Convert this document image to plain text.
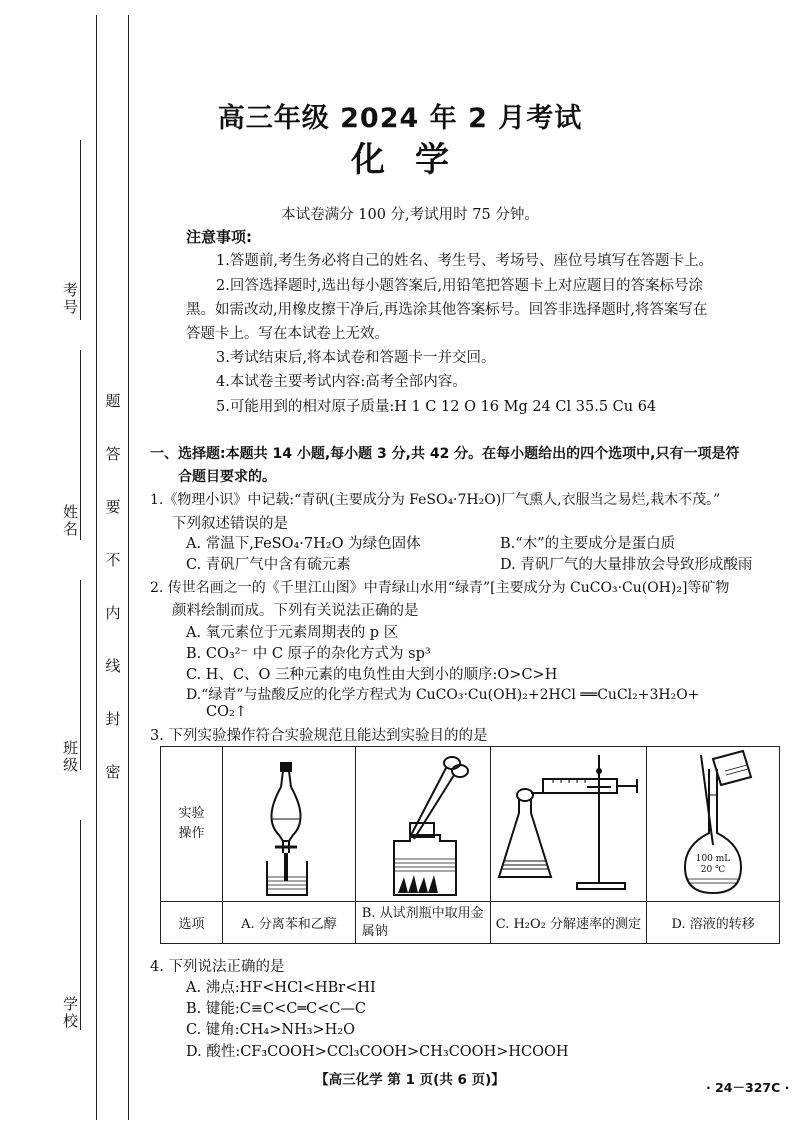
考号
姓名
班级
学校
题
答
要
不
内
线
封
密
高三年级 2024 年 2 月考试
化学
本试卷满分 100 分,考试用时 75 分钟。
注意事项:
1.答题前,考生务必将自己的姓名、考生号、考场号、座位号填写在答题卡上。
2.回答选择题时,选出每小题答案后,用铅笔把答题卡上对应题目的答案标号涂
黑。如需改动,用橡皮擦干净后,再选涂其他答案标号。回答非选择题时,将答案写在
答题卡上。写在本试卷上无效。
3.考试结束后,将本试卷和答题卡一并交回。
4.本试卷主要考试内容:高考全部内容。
5.可能用到的相对原子质量:H 1 C 12 O 16 Mg 24 Cl 35.5 Cu 64
一、选择题:本题共 14 小题,每小题 3 分,共 42 分。在每小题给出的四个选项中,只有一项是符
合题目要求的。
1.《物理小识》中记载:“青矾(主要成分为 FeSO₄·7H₂O)厂气熏人,衣服当之易烂,栽木不茂。”
下列叙述错误的是
A. 常温下,FeSO₄·7H₂O 为绿色固体	B.“木”的主要成分是蛋白质
C. 青矾厂气中含有硫元素	D. 青矾厂气的大量排放会导致形成酸雨
2. 传世名画之一的《千里江山图》中青绿山水用“绿青”[主要成分为 CuCO₃·Cu(OH)₂]等矿物
颜料绘制而成。下列有关说法正确的是
A. 氧元素位于元素周期表的 p 区
B. CO₃²⁻ 中 C 原子的杂化方式为 sp³
C. H、C、O 三种元素的电负性由大到小的顺序:O>C>H
D.“绿青”与盐酸反应的化学方程式为 CuCO₃·Cu(OH)₂+2HCl ══CuCl₂+3H₂O+
CO₂↑
3. 下列实验操作符合实验规范且能达到实验目的的是
实验操作				100 mL
20 ℃

选项	A. 分离苯和乙醇	B. 从试剂瓶中取用金属钠	C. H₂O₂ 分解速率的测定	D. 溶液的转移
4. 下列说法正确的是
A. 沸点:HF<HCl<HBr<HI
B. 键能:C≡C<C═C<C—C
C. 键角:CH₄>NH₃>H₂O
D. 酸性:CF₃COOH>CCl₃COOH>CH₃COOH>HCOOH
【高三化学 第 1 页(共 6 页)】	· 24－327C ·
